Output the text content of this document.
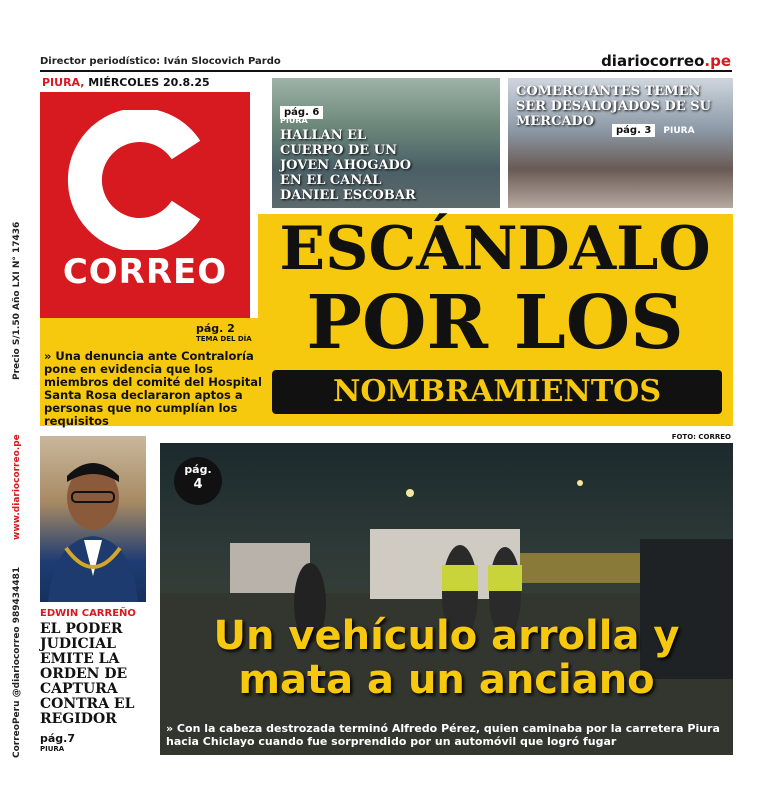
Director periodístico: Iván Slocovich Pardo	diariocorreo.pe
PIURA, MIÉRCOLES 20.8.25
CORREO
pág. 6
PIURA
HALLAN EL CUERPO DE UN JOVEN AHOGADO EN EL CANAL DANIEL ESCOBAR
COMERCIANTES TEMEN SER DESALOJADOS DE SU MERCADO
pág. 3 PIURA
ESCÁNDALO
POR LOS
NOMBRAMIENTOS
pág. 2
TEMA DEL DÍA
» Una denuncia ante Contraloría pone en evidencia que los miembros del comité del Hospital Santa Rosa declararon aptos a personas que no cumplían los requisitos
Precio S/1.50 Año LXI N° 17436
www.diariocorreo.pe
CorreoPeru @diariocorreo 989434481 EDWIN CARREÑO
EL PODER JUDICIAL EMITE LA ORDEN DE CAPTURA CONTRA EL REGIDOR
pág.7
PIURA
FOTO: CORREO
pág.
4
Un vehículo arrolla y mata a un anciano
» Con la cabeza destrozada terminó Alfredo Pérez, quien caminaba por la carretera Piura hacia Chiclayo cuando fue sorprendido por un automóvil que logró fugar
